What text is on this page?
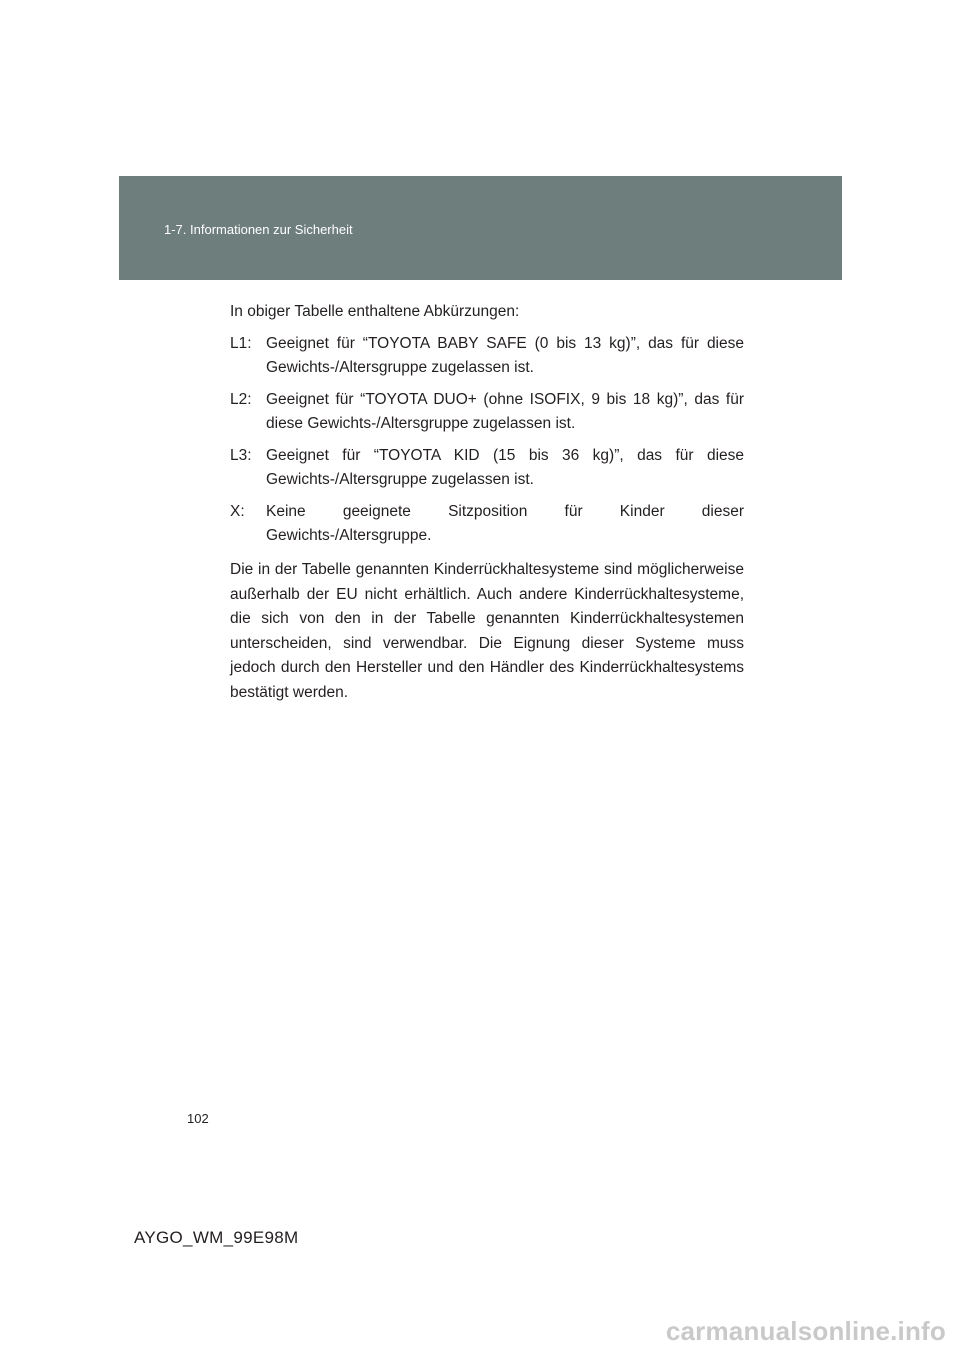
1-7. Informationen zur Sicherheit

In obiger Tabelle enthaltene Abkürzungen:

L1: Geeignet für “TOYOTA BABY SAFE (0 bis 13 kg)”, das für diese Gewichts-/Altersgruppe zugelassen ist.
L2: Geeignet für “TOYOTA DUO+ (ohne ISOFIX, 9 bis 18 kg)”, das für diese Gewichts-/Altersgruppe zugelassen ist.
L3: Geeignet für “TOYOTA KID (15 bis 36 kg)”, das für diese Gewichts-/Altersgruppe zugelassen ist.
X:	Keine geeignete Sitzposition für Kinder dieser Gewichts-/Altersgruppe.

Die in der Tabelle genannten Kinderrückhaltesysteme sind möglicherweise außerhalb der EU nicht erhältlich. Auch andere Kinderrückhaltesysteme, die sich von den in der Tabelle genannten Kinderrückhaltesystemen unterscheiden, sind verwendbar. Die Eignung dieser Systeme muss jedoch durch den Hersteller und den Händler des Kinderrückhaltesystems bestätigt werden.

102
AYGO_WM_99E98M
carmanualsonline.info
